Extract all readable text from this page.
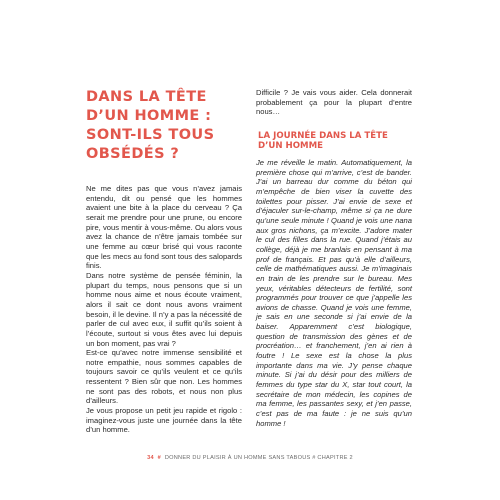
DANS LA TÊTE D’UN HOMME : SONT-ILS TOUS OBSÉDÉS ?

Ne me dites pas que vous n’avez jamais entendu, dit ou pensé que les hommes avaient une bite à la place du cerveau ? Ça serait me prendre pour une prune, ou encore pire, vous mentir à vous-même. Ou alors vous avez la chance de n’être jamais tombée sur une femme au cœur brisé qui vous raconte que les mecs au fond sont tous des salopards finis.

Dans notre système de pensée féminin, la plupart du temps, nous pensons que si un homme nous aime et nous écoute vraiment, alors il sait ce dont nous avons vraiment besoin, il le devine. Il n’y a pas la nécessité de parler de cul avec eux, il suffit qu’ils soient à l’écoute, surtout si vous êtes avec lui depuis un bon moment, pas vrai ?

Est-ce qu’avec notre immense sensibilité et notre empathie, nous sommes capables de toujours savoir ce qu’ils veulent et ce qu’ils ressentent ? Bien sûr que non. Les hommes ne sont pas des robots, et nous non plus d’ailleurs.

Je vous propose un petit jeu rapide et rigolo : imaginez-vous juste une journée dans la tête d’un homme.

Difficile ? Je vais vous aider. Cela donnerait probablement ça pour la plupart d’entre nous…

LA JOURNÉE DANS LA TÊTE D’UN HOMME

Je me réveille le matin. Automatiquement, la première chose qui m’arrive, c’est de bander. J’ai un barreau dur comme du béton qui m’empêche de bien viser la cuvette des toilettes pour pisser. J’ai envie de sexe et d’éjaculer sur-le-champ, même si ça ne dure qu’une seule minute ! Quand je vois une nana aux gros nichons, ça m’excite. J’adore mater le cul des filles dans la rue. Quand j’étais au collège, déjà je me branlais en pensant à ma prof de français. Et pas qu’à elle d’ailleurs, celle de mathématiques aussi. Je m’imaginais en train de les prendre sur le bureau. Mes yeux, véritables détecteurs de fertilité, sont programmés pour trouver ce que j’appelle les avions de chasse. Quand je vois une femme, je sais en une seconde si j’ai envie de la baiser. Apparemment c’est biologique, question de transmission des gènes et de procréation… et franchement, j’en ai rien à foutre ! Le sexe est la chose la plus importante dans ma vie. J’y pense chaque minute. Si j’ai du désir pour des milliers de femmes du type star du X, star tout court, la secrétaire de mon médecin, les copines de ma femme, les passantes sexy, et j’en passe, c’est pas de ma faute : je ne suis qu’un homme !

34 # DONNER DU PLAISIR À UN HOMME SANS TABOUS # CHAPITRE 2
